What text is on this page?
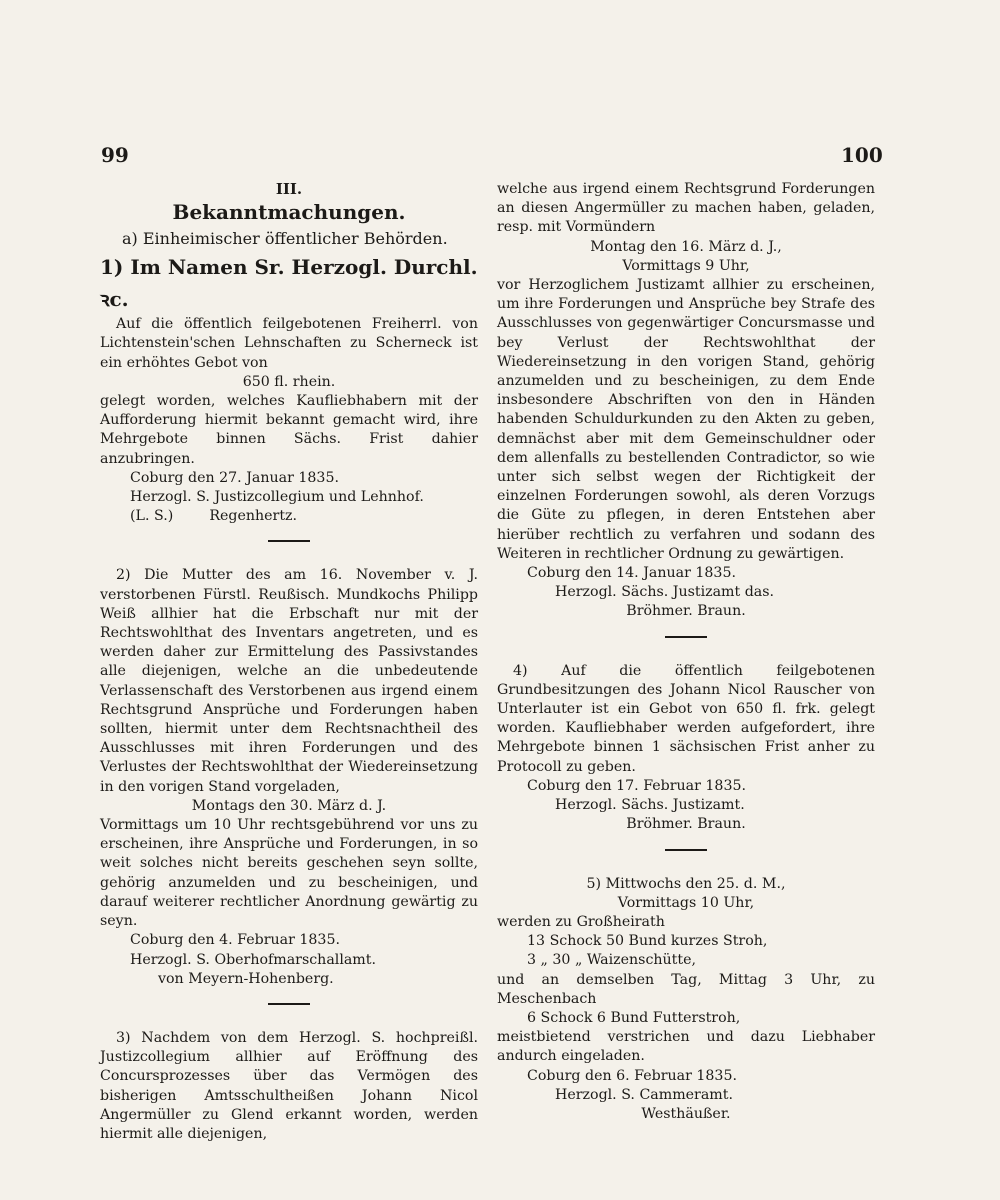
99	100
III.
Bekanntmachungen.
a) Einheimischer öffentlicher Behörden.
1) Im Namen Sr. Herzogl. Durchl. ꝛc.

Auf die öffentlich feilgebotenen Freiherrl. von Lichtenstein'schen Lehnschaften zu Scherneck ist ein erhöhtes Gebot von

650 fl. rhein.

gelegt worden, welches Kaufliebhabern mit der Aufforderung hiermit bekannt gemacht wird, ihre Mehrgebote binnen Sächs. Frist dahier anzubringen.

Coburg den 27. Januar 1835.
Herzogl. S. Justizcollegium und Lehnhof.
(L. S.)	Regenhertz.

2) Die Mutter des am 16. November v. J. verstorbenen Fürstl. Reußisch. Mundkochs Philipp Weiß allhier hat die Erbschaft nur mit der Rechtswohlthat des Inventars angetreten, und es werden daher zur Ermittelung des Passivstandes alle diejenigen, welche an die unbedeutende Verlassenschaft des Verstorbenen aus irgend einem Rechtsgrund Ansprüche und Forderungen haben sollten, hiermit unter dem Rechtsnachtheil des Ausschlusses mit ihren Forderungen und des Verlustes der Rechtswohlthat der Wiedereinsetzung in den vorigen Stand vorgeladen,

Montags den 30. März d. J.

Vormittags um 10 Uhr rechtsgebührend vor uns zu erscheinen, ihre Ansprüche und Forderungen, in so weit solches nicht bereits geschehen seyn sollte, gehörig anzumelden und zu bescheinigen, und darauf weiterer rechtlicher Anordnung gewärtig zu seyn.

Coburg den 4. Februar 1835.
Herzogl. S. Oberhofmarschallamt.
von Meyern-Hohenberg.

3) Nachdem von dem Herzogl. S. hochpreißl. Justizcollegium allhier auf Eröffnung des Concursprozesses über das Vermögen des bisherigen Amtsschultheißen Johann Nicol Angermüller zu Glend erkannt worden, werden hiermit alle diejenigen,

welche aus irgend einem Rechtsgrund Forderungen an diesen Angermüller zu machen haben, geladen, resp. mit Vormündern

Montag den 16. März d. J.,
Vormittags 9 Uhr,

vor Herzoglichem Justizamt allhier zu erscheinen, um ihre Forderungen und Ansprüche bey Strafe des Ausschlusses von gegenwärtiger Concursmasse und bey Verlust der Rechtswohlthat der Wiedereinsetzung in den vorigen Stand, gehörig anzumelden und zu bescheinigen, zu dem Ende insbesondere Abschriften von den in Händen habenden Schuldurkunden zu den Akten zu geben, demnächst aber mit dem Gemeinschuldner oder dem allenfalls zu bestellenden Contradictor, so wie unter sich selbst wegen der Richtigkeit der einzelnen Forderungen sowohl, als deren Vorzugs die Güte zu pflegen, in deren Entstehen aber hierüber rechtlich zu verfahren und sodann des Weiteren in rechtlicher Ordnung zu gewärtigen.

Coburg den 14. Januar 1835.
Herzogl. Sächs. Justizamt das.
Bröhmer. Braun.

4) Auf die öffentlich feilgebotenen Grundbesitzungen des Johann Nicol Rauscher von Unterlauter ist ein Gebot von 650 fl. frk. gelegt worden. Kaufliebhaber werden aufgefordert, ihre Mehrgebote binnen 1 sächsischen Frist anher zu Protocoll zu geben.

Coburg den 17. Februar 1835.
Herzogl. Sächs. Justizamt.
Bröhmer. Braun.
5) Mittwochs den 25. d. M.,
Vormittags 10 Uhr,

werden zu Großheirath

13 Schock 50 Bund kurzes Stroh,
3 „ 30 „ Waizenschütte,

und an demselben Tag, Mittag 3 Uhr, zu Meschenbach

6 Schock 6 Bund Futterstroh,

meistbietend verstrichen und dazu Liebhaber andurch eingeladen.

Coburg den 6. Februar 1835.
Herzogl. S. Cammeramt.
Westhäußer.
